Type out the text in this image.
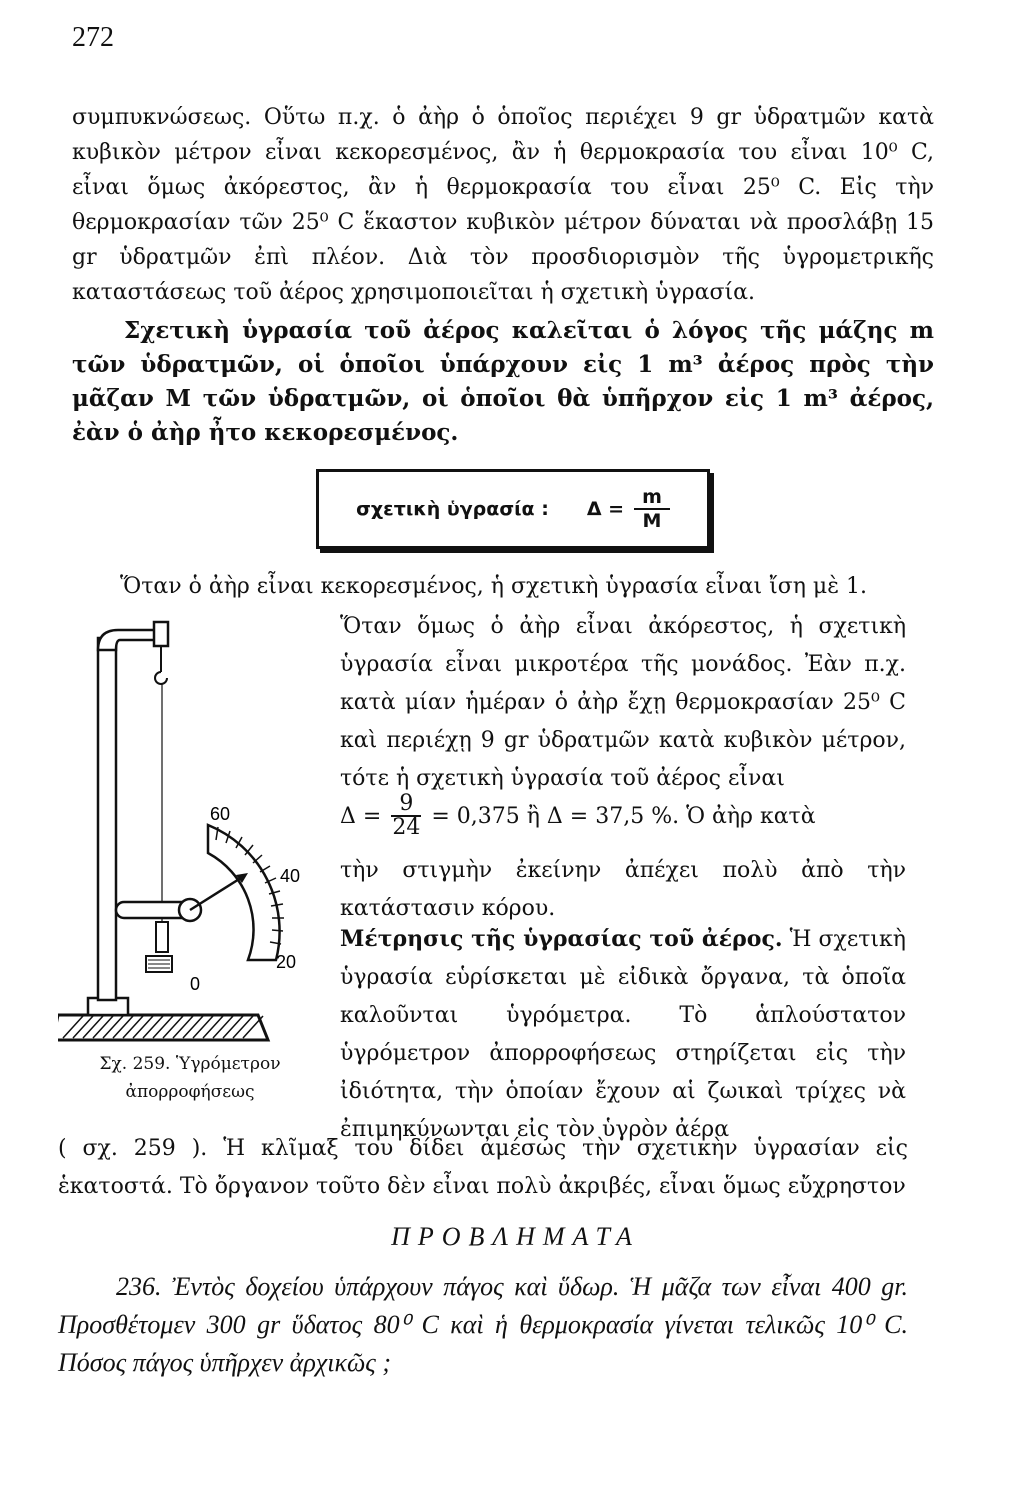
272
συμπυκνώσεως. Οὕτω π.χ. ὁ ἀὴρ ὁ ὁποῖος περιέχει 9 gr ὑδρατμῶν κατὰ κυβικὸν μέτρον εἶναι κεκορεσμένος, ἂν ἡ θερμοκρασία του εἶναι 10⁰ C, εἶναι ὅμως ἀκόρεστος, ἂν ἡ θερμοκρασία του εἶναι 25⁰ C. Εἰς τὴν θερμοκρασίαν τῶν 25⁰ C ἕκαστον κυβικὸν μέτρον δύναται νὰ προσλάβῃ 15 gr ὑδρατμῶν ἐπὶ πλέον. Διὰ τὸν προσδιορισμὸν τῆς ὑγρομετρικῆς καταστάσεως τοῦ ἀέρος χρησιμοποιεῖται ἡ σχετικὴ ὑγρασία.
Σχετικὴ ὑγρασία τοῦ ἀέρος καλεῖται ὁ λόγος τῆς μάζης m τῶν ὑδρατμῶν, οἱ ὁποῖοι ὑπάρχουν εἰς 1 m³ ἀέρος πρὸς τὴν μᾶζαν M τῶν ὑδρατμῶν, οἱ ὁποῖοι θὰ ὑπῆρχον εἰς 1 m³ ἀέρος, ἐὰν ὁ ἀὴρ ἦτο κεκορεσμένος.
σχετικὴ ὑγρασία : $\Delta = \frac{m}{M}$
Ὅταν ὁ ἀὴρ εἶναι κεκορεσμένος, ἡ σχετικὴ ὑγρασία εἶναι ἴση μὲ 1.
Ὅταν ὅμως ὁ ἀὴρ εἶναι ἀκόρεστος, ἡ σχετικὴ ὑγρασία εἶναι μικροτέρα τῆς μονάδος. Ἐὰν π.χ. κατὰ μίαν ἡμέραν ὁ ἀὴρ ἔχῃ θερμοκρασίαν 25⁰ C καὶ περιέχῃ 9 gr ὑδρατμῶν κατὰ κυβικὸν μέτρον, τότε ἡ σχετικὴ ὑγρασία τοῦ ἀέρος εἶναι
$\Delta = \frac{9}{24} = 0,375$ ἢ Δ = 37,5 %. Ὁ ἀὴρ κατὰ
τὴν στιγμὴν ἐκείνην ἀπέχει πολὺ ἀπὸ τὴν κατάστασιν κόρου.
Μέτρησις τῆς ὑγρασίας τοῦ ἀέρος. Ἡ σχετικὴ ὑγρασία εὑρίσκεται μὲ εἰδικὰ ὄργανα, τὰ ὁποῖα καλοῦνται ὑγρόμετρα. Τὸ ἁπλούστατον ὑγρόμετρον ἀπορροφήσεως στηρίζεται εἰς τὴν ἰδιότητα, τὴν ὁποίαν ἔχουν αἱ ζωικαὶ τρίχες νὰ ἐπιμηκύνωνται εἰς τὸν ὑγρὸν ἀέρα
60
40
20
0
Σχ. 259. Ὑγρόμετρον
ἀπορροφήσεως
( σχ. 259 ). Ἡ κλῖμαξ του δίδει ἀμέσως τὴν σχετικὴν ὑγρασίαν εἰς ἑκατοστά. Τὸ ὄργανον τοῦτο δὲν εἶναι πολὺ ἀκριβές, εἶναι ὅμως εὔχρηστον
ΠΡΟΒΛΗΜΑΤΑ
236. Ἐντὸς δοχείου ὑπάρχουν πάγος καὶ ὕδωρ. Ἡ μᾶζα των εἶναι 400 gr. Προσθέτομεν 300 gr ὕδατος 80⁰ C καὶ ἡ θερμοκρασία γίνεται τελικῶς 10⁰ C. Πόσος πάγος ὑπῆρχεν ἀρχικῶς ;
